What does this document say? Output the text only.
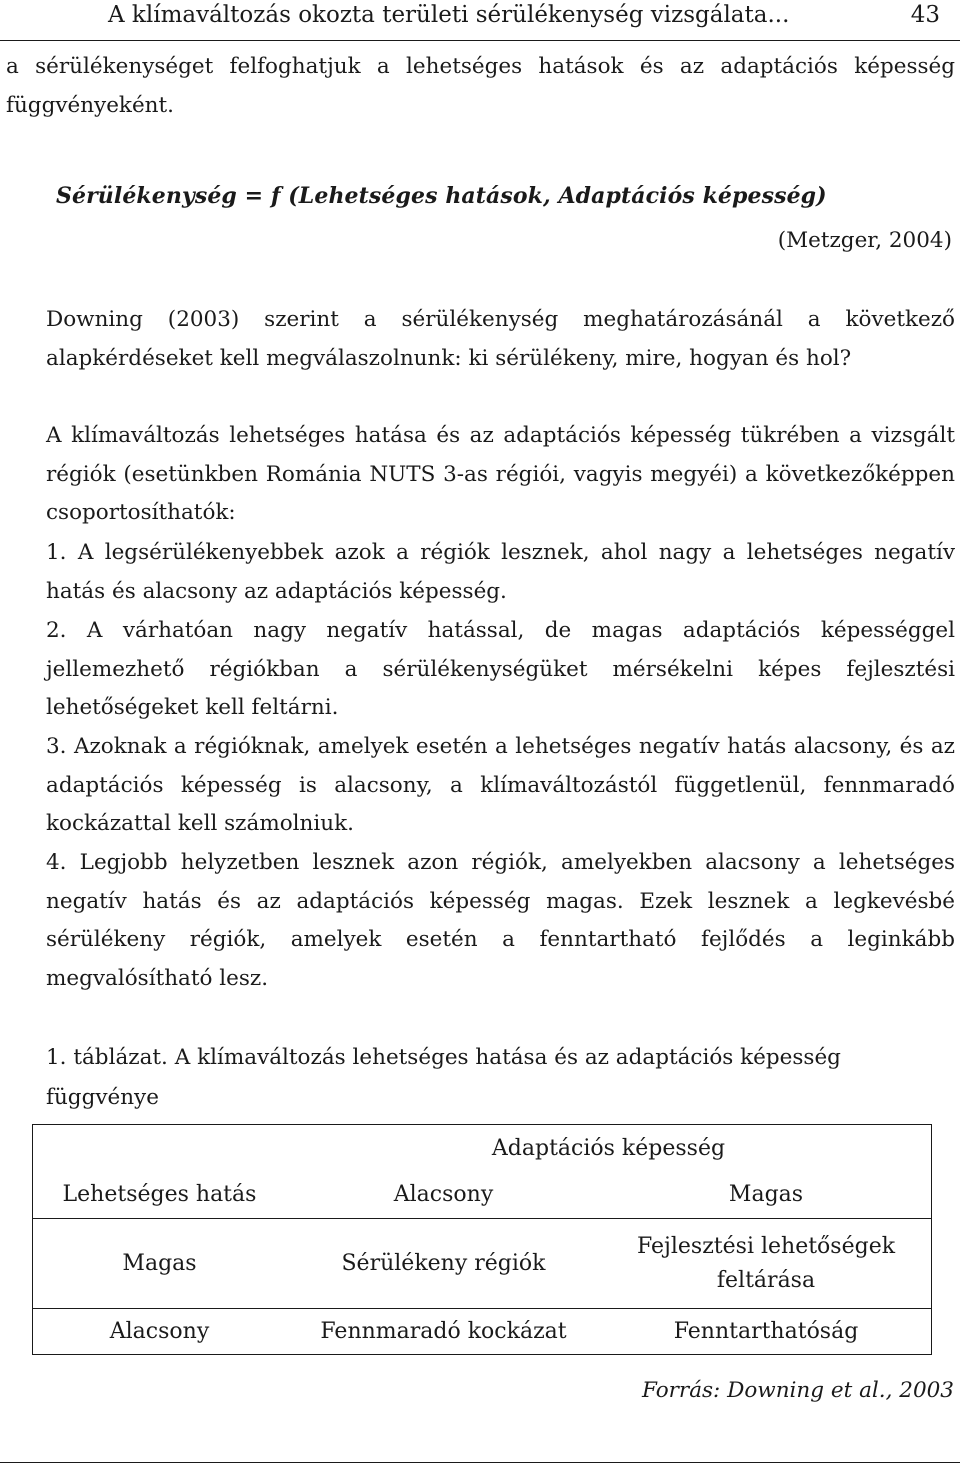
A klímaváltozás okozta területi sérülékenység vizsgálata...	43

a sérülékenységet felfoghatjuk a lehetséges hatások és az adaptációs képesség függvényeként.

Sérülékenység = f (Lehetséges hatások, Adaptációs képesség)
(Metzger, 2004)

Downing (2003) szerint a sérülékenység meghatározásánál a következő alapkérdéseket kell megválaszolnunk: ki sérülékeny, mire, hogyan és hol?

A klímaváltozás lehetséges hatása és az adaptációs képesség tükrében a vizsgált régiók (esetünkben Románia NUTS 3-as régiói, vagyis megyéi) a következőképpen csoportosíthatók:

1. A legsérülékenyebbek azok a régiók lesznek, ahol nagy a lehetséges negatív hatás és alacsony az adaptációs képesség.

2. A várhatóan nagy negatív hatással, de magas adaptációs képességgel jellemezhető régiókban a sérülékenységüket mérsékelni képes fejlesztési lehetőségeket kell feltárni.

3. Azoknak a régióknak, amelyek esetén a lehetséges negatív hatás alacsony, és az adaptációs képesség is alacsony, a klímaváltozástól függetlenül, fennmaradó kockázattal kell számolniuk.

4. Legjobb helyzetben lesznek azon régiók, amelyekben alacsony a lehetséges negatív hatás és az adaptációs képesség magas. Ezek lesznek a legkevésbé sérülékeny régiók, amelyek esetén a fenntartható fejlődés a leginkább megvalósítható lesz.

1. táblázat. A klímaváltozás lehetséges hatása és az adaptációs képesség függvénye
	Adaptációs képesség	
Lehetséges hatás	Alacsony	Magas
Magas	Sérülékeny régiók	Fejlesztési lehetőségek feltárása
Alacsony	Fennmaradó kockázat	Fenntarthatóság
Forrás: Downing et al., 2003
